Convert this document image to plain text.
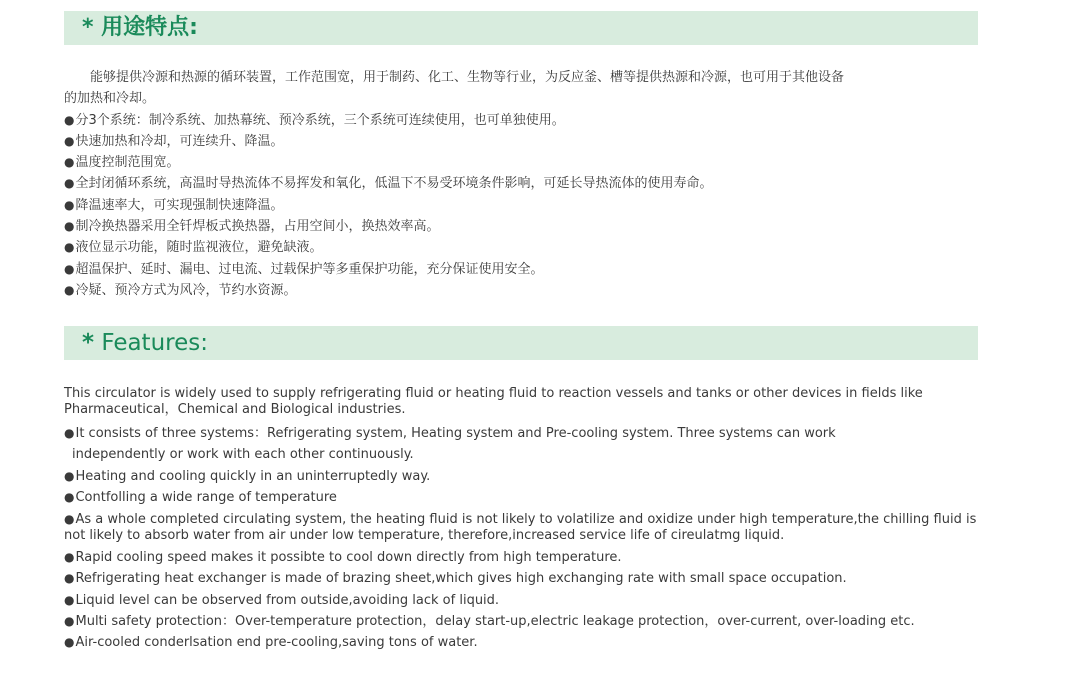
* 用途特点:
能够提供冷源和热源的循环装置，工作范围宽，用于制药、化工、生物等行业，为反应釜、槽等提供热源和冷源，也可用于其他设备
的加热和冷却。
●分3个系统：制冷系统、加热幕统、预冷系统，三个系统可连续使用，也可单独使用。
●快速加热和冷却，可连续升、降温。
●温度控制范围宽。
●全封闭循环系统，高温时导热流体不易挥发和氧化，低温下不易受环境条件影响，可延长导热流体的使用寿命。
●降温速率大，可实现强制快速降温。
●制冷换热器采用全钎焊板式换热器，占用空间小，换热效率高。
●液位显示功能，随时监视液位，避免缺液。
●超温保护、延时、漏电、过电流、过载保护等多重保护功能，充分保证使用安全。
●冷疑、预冷方式为风冷，节约水资源。
* Features:
This circulator is widely used to supply refrigerating fluid or heating fluid to reaction vessels and tanks or other devices in fields like
Pharmaceutical，Chemical and Biological industries.
●It consists of three systems：Refrigerating system, Heating system and Pre-cooling system. Three systems can work
independently or work with each other continuously.
●Heating and cooling quickly in an uninterruptedly way.
●Contfolling a wide range of temperature
●As a whole completed circulating system, the heating fluid is not likely to volatilize and oxidize under high temperature,the chilling fluid is
not likely to absorb water from air under low temperature, therefore,increased service life of cireulatmg liquid.
●Rapid cooling speed makes it possibte to cool down directly from high temperature.
●Refrigerating heat exchanger is made of brazing sheet,which gives high exchanging rate with small space occupation.
●Liquid level can be observed from outside,avoiding lack of liquid.
●Multi safety protection：Over-temperature protection，delay start-up,electric leakage protection，over-current, over-loading etc.
●Air-cooled conderlsation end pre-cooling,saving tons of water.
